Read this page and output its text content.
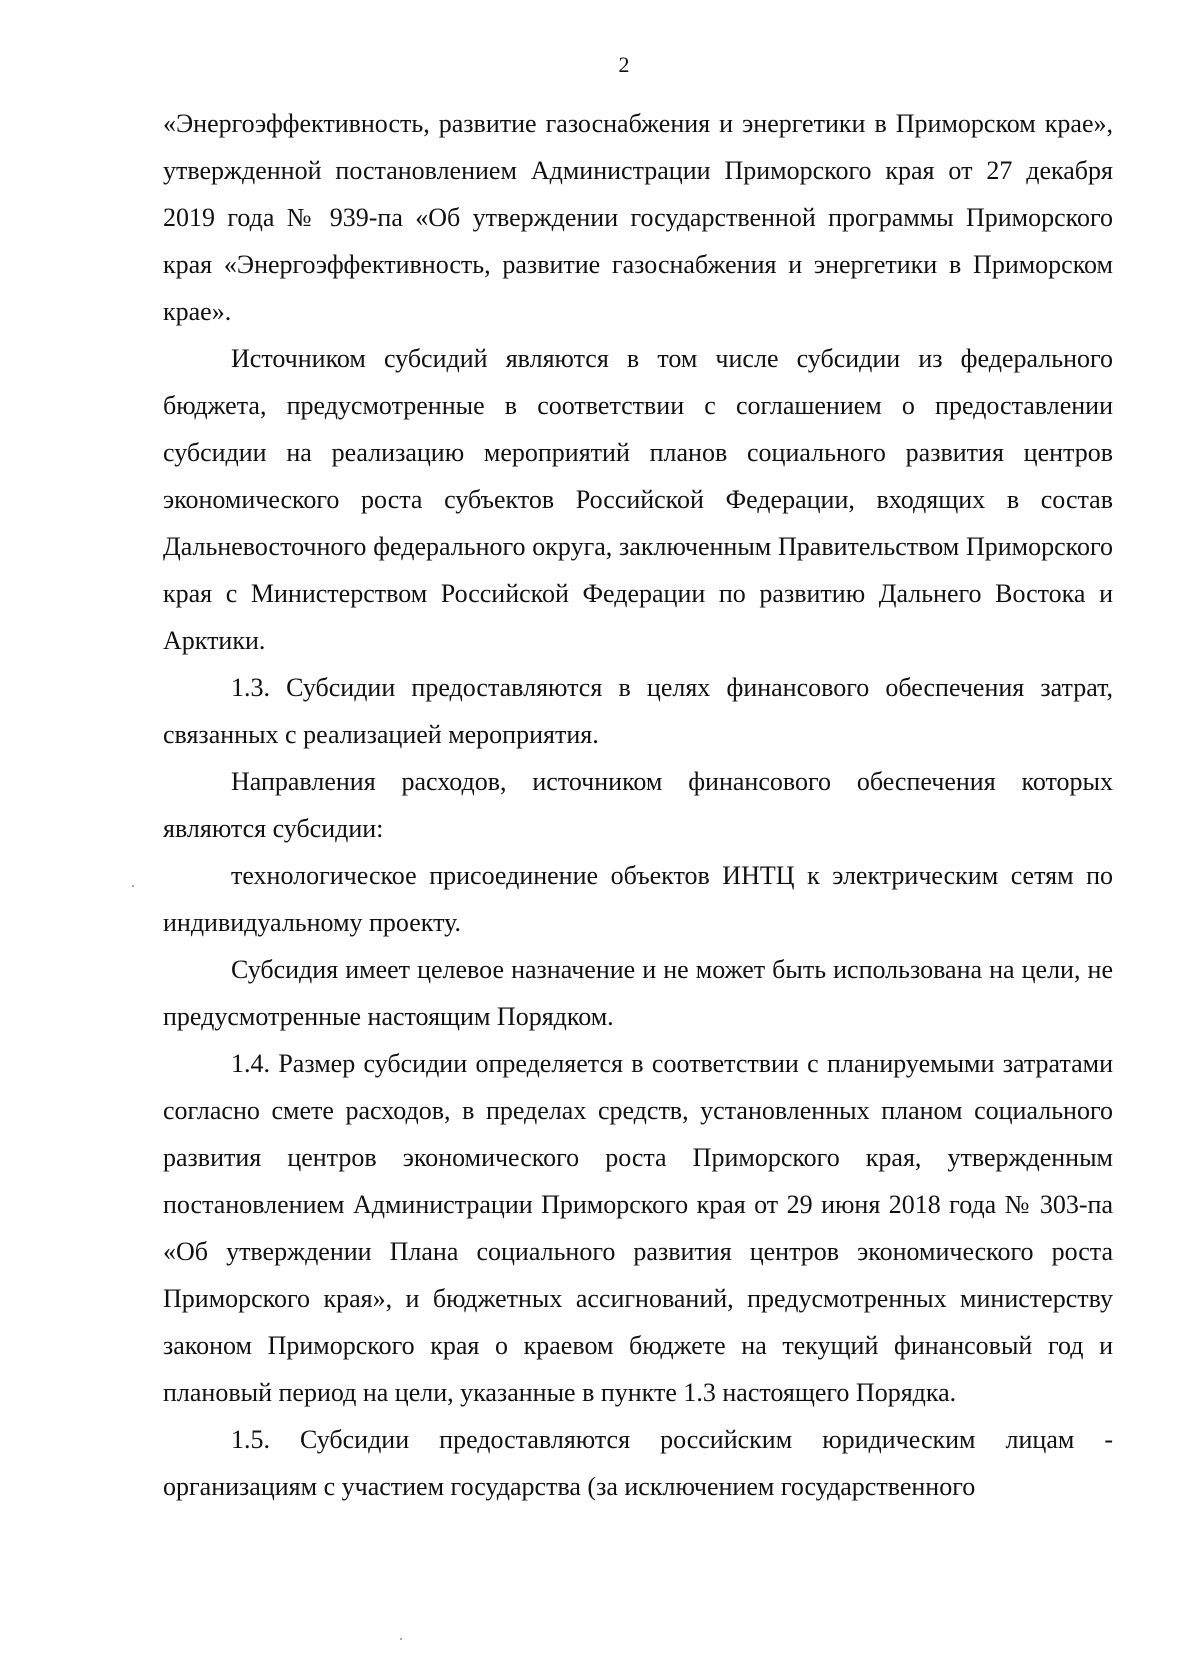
2

«Энергоэффективность, развитие газоснабжения и энергетики в Приморском крае», утвержденной постановлением Администрации Приморского края от 27 декабря 2019 года № 939-па «Об утверждении государственной программы Приморского края «Энергоэффективность, развитие газоснабжения и энергетики в Приморском крае».

Источником субсидий являются в том числе субсидии из федерального бюджета, предусмотренные в соответствии с соглашением о предоставлении субсидии на реализацию мероприятий планов социального развития центров экономического роста субъектов Российской Федерации, входящих в состав Дальневосточного федерального округа, заключенным Правительством Приморского края с Министерством Российской Федерации по развитию Дальнего Востока и Арктики.

1.3. Субсидии предоставляются в целях финансового обеспечения затрат, связанных с реализацией мероприятия.

Направления расходов, источником финансового обеспечения которых являются субсидии:

технологическое присоединение объектов ИНТЦ к электрическим сетям по индивидуальному проекту.

Субсидия имеет целевое назначение и не может быть использована на цели, не предусмотренные настоящим Порядком.

1.4. Размер субсидии определяется в соответствии с планируемыми затратами согласно смете расходов, в пределах средств, установленных планом социального развития центров экономического роста Приморского края, утвержденным постановлением Администрации Приморского края от 29 июня 2018 года № 303-па «Об утверждении Плана социального развития центров экономического роста Приморского края», и бюджетных ассигнований, предусмотренных министерству законом Приморского края о краевом бюджете на текущий финансовый год и плановый период на цели, указанные в пункте 1.3 настоящего Порядка.

1.5. Субсидии предоставляются российским юридическим лицам - организациям с участием государства (за исключением государственного
